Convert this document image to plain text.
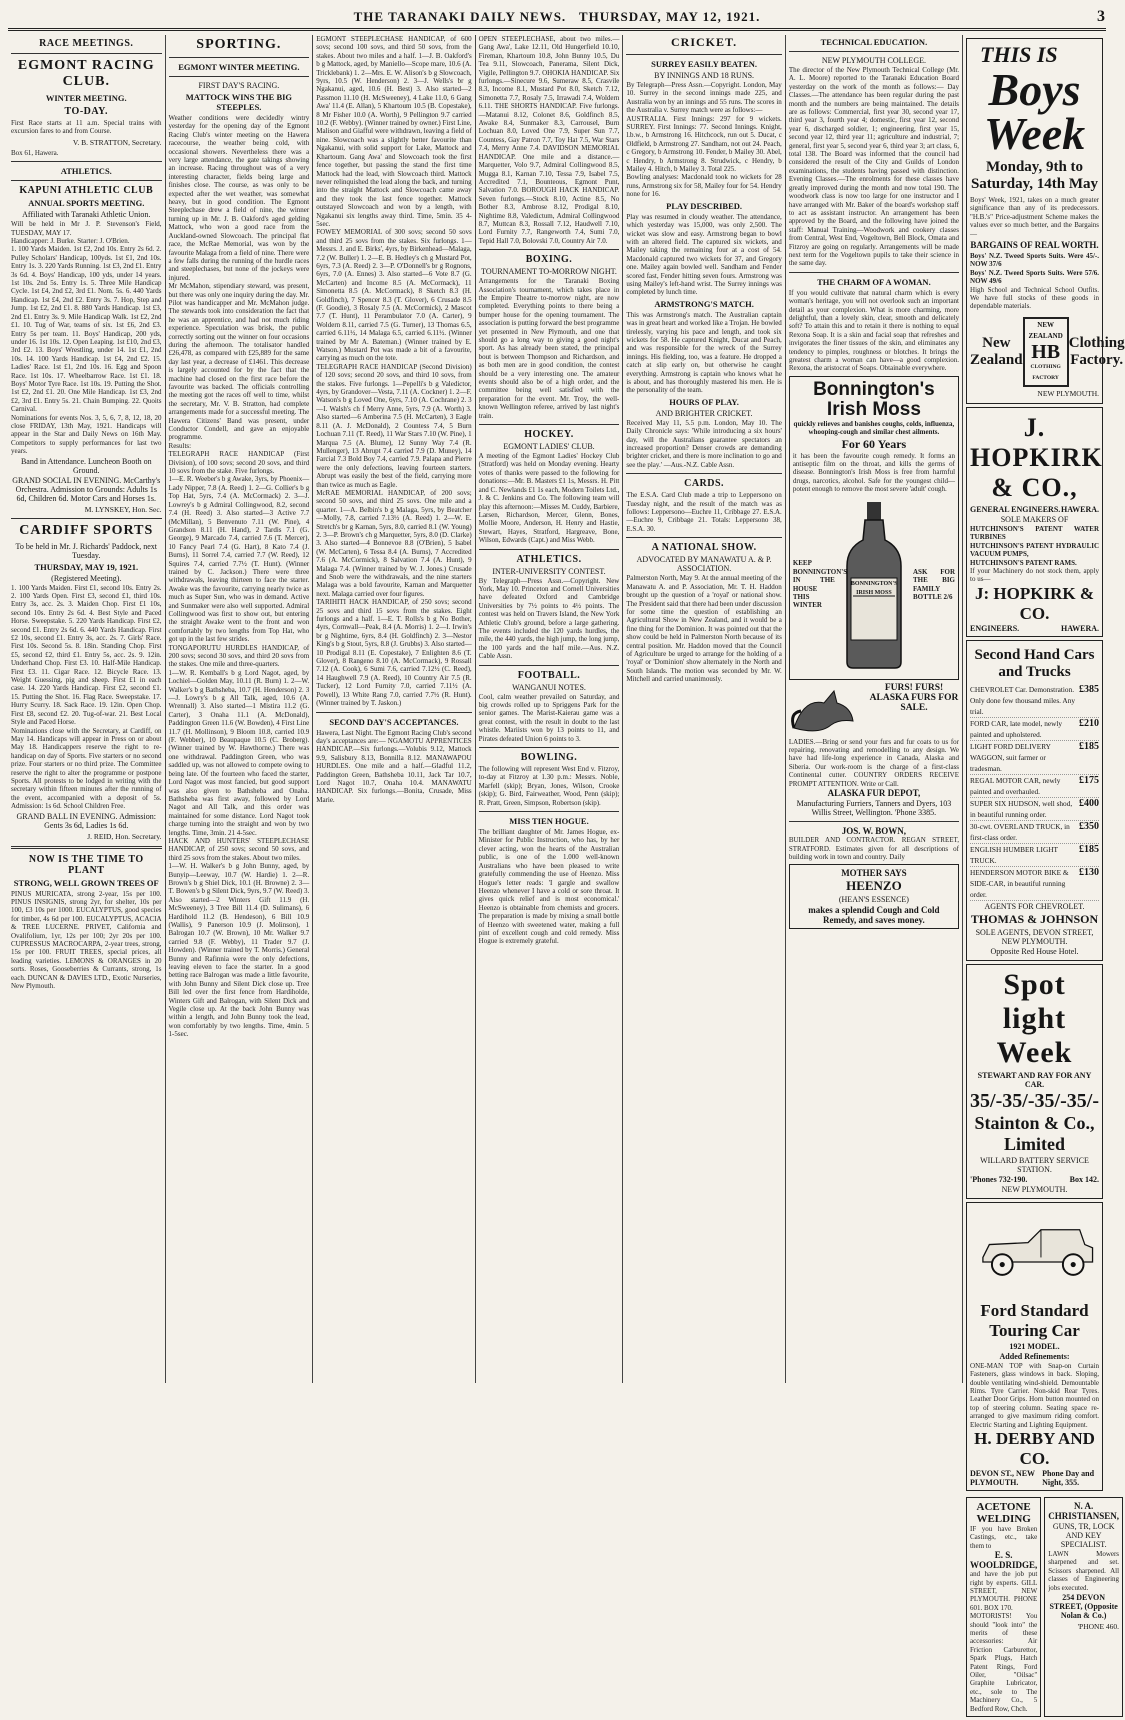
THE TARANAKI DAILY NEWS. THURSDAY, MAY 12, 1921.	3
RACE MEETINGS.
EGMONT RACING CLUB.
WINTER MEETING.
TO-DAY.

First Race starts at 11 a.m. Special trains with excursion fares to and from Course.

V. B. STRATTON, Secretary.

Box 61, Hawera.

ATHLETICS.
KAPUNI ATHLETIC CLUB
ANNUAL SPORTS MEETING.

Affiliated with Taranaki Athletic Union.

Will be held in Mr J. P. Stevenson's Field, TUESDAY, MAY 17.

Handicapper: J. Burke. Starter: J. O'Brien.

1. 100 Yards Maiden. 1st £2, 2nd 10s. Entry 2s 6d. 2. Pulley Scholars' Handicap, 100yds. 1st £1, 2nd 10s. Entry 1s. 3. 220 Yards Running. 1st £3, 2nd £1. Entry 3s 6d. 4. Boys' Handicap, 100 yds, under 14 years. 1st 10s. 2nd 5s. Entry 1s. 5. Three Mile Handicap Cycle. 1st £4, 2nd £2, 3rd £1. Nom. 5s. 6. 440 Yards Handicap. 1st £4, 2nd £2. Entry 3s. 7. Hop, Step and Jump. 1st £2, 2nd £1. 8. 880 Yards Handicap. 1st £3, 2nd £1. Entry 3s. 9. Mile Handicap Walk. 1st £2, 2nd £1. 10. Tug of War, teams of six. 1st £6, 2nd £3. Entry 5s per team. 11. Boys' Handicap, 200 yds, under 16. 1st 10s. 12. Open Leaping. 1st £10, 2nd £3, 3rd £2. 13. Boys' Wrestling, under 14. 1st £1, 2nd 10s. 14. 100 Yards Handicap. 1st £4, 2nd £2. 15. Ladies' Race. 1st £1, 2nd 10s. 16. Egg and Spoon Race. 1st 10s. 17. Wheelbarrow Race. 1st £1. 18. Boys' Motor Tyre Race. 1st 10s. 19. Putting the Shot. 1st £2, 2nd £1. 20. One Mile Handicap. 1st £3, 2nd £2, 3rd £1. Entry 5s. 21. Chain Bumping. 22. Quoits Carnival.

Nominations for events Nos. 3, 5, 6, 7, 8, 12, 18, 20 close FRIDAY, 13th May, 1921. Handicaps will appear in the Star and Daily News on 16th May. Competitors to supply performances for last two years.

Band in Attendance. Luncheon Booth on Ground.

GRAND SOCIAL IN EVENING. McCarthy's Orchestra. Admission to Grounds: Adults 1s 6d, Children 6d. Motor Cars and Horses 1s.

M. LYNSKEY, Hon. Sec.

CARDIFF SPORTS

To be held in Mr. J. Richards' Paddock, next Tuesday.

THURSDAY, MAY 19, 1921.

(Registered Meeting).

1. 100 Yards Maiden. First £1, second 10s. Entry 2s. 2. 100 Yards Open. First £3, second £1, third 10s. Entry 3s, acc. 2s. 3. Maiden Chop. First £1 10s, second 10s. Entry 2s 6d. 4. Best Style and Paced Horse. Sweepstake. 5. 220 Yards Handicap. First £2, second £1. Entry 2s 6d. 6. 440 Yards Handicap. First £2 10s, second £1. Entry 3s, acc. 2s. 7. Girls' Race. First 10s. Second 5s. 8. 18in. Standing Chop. First £5, second £2, third £1. Entry 5s, acc. 2s. 9. 12in. Underhand Chop. First £3. 10. Half-Mile Handicap. First £3. 11. Cigar Race. 12. Bicycle Race. 13. Weight Guessing, pig and sheep. First £1 in each case. 14. 220 Yards Handicap. First £2, second £1. 15. Putting the Shot. 16. Flag Race. Sweepstake. 17. Hurry Scurry. 18. Sack Race. 19. 12in. Open Chop. First £8, second £2. 20. Tug-of-war. 21. Best Local Style and Paced Horse.

Nominations close with the Secretary, at Cardiff, on May 14. Handicaps will appear in Press on or about May 18. Handicappers reserve the right to re-handicap on day of Sports. Five starters or no second prize. Four starters or no third prize. The Committee reserve the right to alter the programme or postpone Sports. All protests to be lodged in writing with the secretary within fifteen minutes after the running of the event, accompanied with a deposit of 5s. Admission: 1s 6d. School Children Free.

GRAND BALL IN EVENING. Admission: Gents 3s 6d, Ladies 1s 6d.

J. REID, Hon. Secretary.

NOW IS THE TIME TO PLANT
STRONG, WELL GROWN TREES OF

PINUS MURICATA, strong 2-year, 15s per 100. PINUS INSIGNIS, strong 2yr, for shelter, 10s per 100, £3 10s per 1000. EUCALYPTUS, good species for timber, 4s 6d per 100. EUCALYPTUS, ACACIA & TREE LUCERNE. PRIVET, California and Ovalifolium, 1yr, 12s per 100; 2yr 20s per 100. CUPRESSUS MACROCARPA, 2-year trees, strong, 15s per 100. FRUIT TREES, special prices, all leading varieties. LEMONS & ORANGES in 20 sorts. Roses, Gooseberries & Currants, strong, 1s each. DUNCAN & DAVIES LTD., Exotic Nurseries, New Plymouth.

SPORTING.
EGMONT WINTER MEETING.

FIRST DAY'S RACING.

MATTOCK WINS THE BIG STEEPLES.

Weather conditions were decidedly wintry yesterday for the opening day of the Egmont Racing Club's winter meeting on the Hawera racecourse, the weather being cold, with occasional showers. Nevertheless there was a very large attendance, the gate takings showing an increase. Racing throughout was of a very interesting character, fields being large and finishes close. The course, as was only to be expected after the wet weather, was somewhat heavy, but in good condition. The Egmont Steeplechase drew a field of nine, the winner turning up in Mr. J. B. Oakford's aged gelding Mattock, who won a good race from the Auckland-owned Slowcoach. The principal flat race, the McRae Memorial, was won by the favourite Malaga from a field of nine. There were a few falls during the running of the hurdle races and steeplechases, but none of the jockeys were injured.

Mr McMahon, stipendiary steward, was present, but there was only one inquiry during the day. Mr. Pilot was handicapper and Mr. McMahon judge. The stewards took into consideration the fact that he was an apprentice, and had not much riding experience. Speculation was brisk, the public correctly sorting out the winner on four occasions during the afternoon. The totalisator handled £26,478, as compared with £25,889 for the same day last year, a decrease of £1461. This decrease is largely accounted for by the fact that the machine had closed on the first race before the favourite was backed. The officials controlling the meeting got the races off well to time, whilst the secretary, Mr. V. B. Stratton, had complete arrangements made for a successful meeting. The Hawera Citizens' Band was present, under Conductor Condell, and gave an enjoyable programme.

Results:

TELEGRAPH RACE HANDICAP (First Division), of 100 sovs; second 20 sovs, and third 10 sovs from the stake. Five furlongs.

1—E. R. Weeber's b g Awake, 3yrs, by Phoenix—Lady Nipper, 7.8 (A. Reed) 1. 2—G. Collier's b g Top Hat, 5yrs, 7.4 (A. McCormack) 2. 3—J. Lowrey's b g Admiral Collingwood, 8.2, second 7.4 (H. Reed) 3. Also started—3 Active 7.7 (McMillan), 5 Benvenuto 7.11 (W. Pine), 4 Grandson 8.11 (H. Hand), 2 Tardis 7.1 (G. George), 9 Marcado 7.4, carried 7.6 (T. Mercer), 10 Fancy Pearl 7.4 (G. Hart), 8 Kato 7.4 (J. Burns), 11 Sorrel 7.4, carried 7.7 (W. Reed), 12 Squires 7.4, carried 7.7½ (T. Hunt). (Winner trained by C. Jackson.) There were three withdrawals, leaving thirteen to face the starter. Awake was the favourite, carrying nearly twice as much as Super Sun, who was in demand. Active and Sunmaker were also well supported. Admiral Collingwood was first to show out, but entering the straight Awake went to the front and won comfortably by two lengths from Top Hat, who got up in the last few strides.

TONGAPORUTU HURDLES HANDICAP, of 200 sovs; second 30 sovs, and third 20 sovs from the stakes. One mile and three-quarters.

1—W. R. Kemball's b g Lord Nagot, aged, by Lochiel—Golden May, 10.11 (R. Burn) 1. 2—W. Walker's b g Bathsheba, 10.7 (H. Henderson) 2. 3—J. Lowry's b g All Talk, aged, 10.6 (A. Wrennall) 3. Also started—1 Mistira 11.2 (G. Carter), 3 Onaha 11.1 (A. McDonald), Paddington Green 11.6 (W. Bowden), 4 First Line 11.7 (H. Mollinson), 9 Bloom 10.8, carried 10.9 (F. Webber), 10 Beaupaque 10.5 (C. Broberg). (Winner trained by W. Hawthorne.) There was one withdrawal. Paddington Green, who was saddled up, was not allowed to compete owing to being late. Of the fourteen who faced the starter, Lord Nagot was most fancied, but good support was also given to Bathsheba and Onaha. Bathsheba was first away, followed by Lord Nagot and All Talk, and this order was maintained for some distance. Lord Nagot took charge turning into the straight and won by two lengths. Time, 3min. 21 4-5sec.

HACK AND HUNTERS' STEEPLECHASE HANDICAP, of 250 sovs; second 50 sovs, and third 25 sovs from the stakes. About two miles.

1—W. H. Walker's b g John Bunny, aged, by Bunyip—Leeway, 10.7 (W. Hardie) 1. 2—R. Brown's b g Shiel Dick, 10.1 (H. Browne) 2. 3—T. Bowen's b g Silent Dick, 9yrs, 9.7 (W. Reed) 3. Also started—2 Winters Gift 11.9 (H. McSweeney), 3 Tree Bill 11.4 (D. Sulimans), 6 Hardihold 11.2 (B. Hendeson), 6 Bill 10.9 (Wallis), 9 Panerson 10.9 (J. Molinson), 1 Balrogan 10.7 (W. Brown), 10 Mr. Walker 9.7 carried 9.8 (F. Webby), 11 Trader 9.7 (J. Howden). (Winner trained by T. Morris.) General Bunny and Rafinnia were the only defections, leaving eleven to face the starter. In a good betting race Balrogan was made a little favourite, with John Bunny and Silent Dick close up. Tree Bill led over the first fence from Hardiholde, Winters Gift and Balrogan, with Silent Dick and Vegile close up. At the back John Bunny was within a length, and John Bunny took the lead, won comfortably by two lengths. Time, 4min. 5 1-5sec.

EGMONT STEEPLECHASE HANDICAP, of 600 sovs; second 100 sovs, and third 50 sovs, from the stakes. About two miles and a half. 1—J. B. Oakford's b g Mattock, aged, by Maniello—Scope mare, 10.6 (A. Tricklebank) 1. 2—Mrs. E. W. Alison's b g Slowcoach, 9yrs, 10.5 (W. Henderson) 2. 3—J. Wells's br g Ngakanui, aged, 10.6 (H. Best) 3. Also started—2 Passmon 11.10 (H. McSweeney), 4 Lake 11.0, 6 Gang Awa' 11.4 (E. Allan), 5 Khartoum 10.5 (B. Copestake), 8 Mr Fisher 10.0 (A. Worth), 9 Pellington 9.7 carried 10.2 (F. Webby). (Winner trained by owner.) First Line, Malison and Giafful were withdrawn, leaving a field of nine. Slowcoach was a slightly better favourite than Ngakanui, with solid support for Lake, Mattock and Khartoum. Gang Awa' and Slowcoach took the first fence together, but passing the stand the first time Mattock had the lead, with Slowcoach third. Mattock never relinquished the lead along the back, and turning into the straight Mattock and Slowcoach came away and they took the last fence together. Mattock outstayed Slowcoach and won by a length, with Ngakanui six lengths away third. Time, 5min. 35 4-5sec.

FOWEY MEMORIAL of 300 sovs; second 50 sovs and third 25 sovs from the stakes. Six furlongs. 1—Messrs. J. and E. Birks', 4yrs, by Birkenhead—Malaga, 7.2 (W. Buller) 1. 2—E. B. Hedley's ch g Mustard Pot, 6yrs, 7.3 (A. Reed) 2. 3—P. O'Donnell's br g Rognons, 6yrs, 7.0 (A. Ennes) 3. Also started—6 Vote 8.7 (G. McCarten) and Income 8.5 (A. McCormack), 11 Simonetta 8.5 (A. McCormack), 8 Sketch 8.3 (H. Goldfinch), 7 Spencer 8.3 (T. Glover), 6 Crusade 8.5 (F. Goodie), 3 Rosaly 7.5 (A. McCormick), 2 Mascot 7.7 (T. Hunt), 11 Perambulator 7.0 (A. Carter), 9 Woldern 8.11, carried 7.5 (G. Turner), 13 Thomas 6.5, carried 6.11½, 14 Malaga 6.5, carried 6.11½. (Winner trained by Mr A. Bateman.) (Winner trained by E. Watson.) Mustard Pot was made a bit of a favourite, carrying as much on the tote.

TELEGRAPH RACE HANDICAP (Second Division) of 120 sovs; second 20 sovs, and third 10 sovs, from the stakes. Five furlongs. 1—Pepelli's b g Valedictor, 4yrs, by Grandover—Vesta, 7.11 (A. Cockner) 1. 2—F. Watson's b g Loved One, 6yrs, 7.10 (A. Cochrane) 2. 3—I. Walsh's ch f Merry Anne, 5yrs, 7.9 (A. Worth) 3. Also started—6 Amberina 7.5 (H. McCarten), 3 Eagle 8.11 (A. J. McDonald), 2 Countess 7.4, 5 Burn Lochuan 7.11 (T. Reed), 11 War Stars 7.10 (W. Pine), 1 Marqua 7.5 (A. Blume), 12 Sunny Way 7.4 (R. Mullenger), 13 Abrupt 7.4 carried 7.9 (D. Muney), 14 Farcial 7.3 Bold Boy 7.4, carried 7.9. Palapa and Pierre were the only defections, leaving fourteen starters. Abrupt was easily the best of the field, carrying more than twice as much as Eagle.

McRAE MEMORIAL HANDICAP, of 200 sovs; second 50 sovs, and third 25 sovs. One mile and a quarter. 1—A. Belbin's b g Malaga, 5yrs, by Beatcher—Molly, 7.8, carried 7.13½ (A. Reed) 1. 2—W. E. Stretch's br g Karnan, 5yrs, 8.0, carried 8.1 (W. Young) 2. 3—P. Brown's ch g Marquetter, 5yrs, 8.0 (D. Clarke) 3. Also started—4 Bonnevoe 8.8 (O'Brien), 5 Isabel (W. McCarten), 6 Tessa 8.4 (A. Burns), 7 Accredited 7.6 (A. McCormick), 8 Salvation 7.4 (A. Hunt), 9 Malaga 7.4. (Winner trained by W. J. Jones.) Crusade and Snob were the withdrawals, and the nine starters Malaga was a bold favourite, Karnan and Marquetter next. Malaga carried over four figures.

TARIHITI HACK HANDICAP, of 250 sovs; second 25 sovs and third 15 sovs from the stakes. Eight furlongs and a half. 1—E. T. Rolls's b g No Bother, 4yrs, Cornwall—Peak, 8.4 (A. Morris) 1. 2—I. Irwin's br g Nightime, 6yrs, 8.4 (H. Goldfinch) 2. 3—Nestor King's b g Stout, 5yrs, 8.8 (J. Grubbs) 3. Also started—10 Prodigal 8.11 (E. Copestake), 7 Enlighten 8.6 (T. Glover), 8 Rangeno 8.10 (A. McCormack), 9 Rossall 7.12 (A. Cook), 6 Sumi 7.6, carried 7.12½ (C. Reed), 14 Haughwell 7.9 (A. Reed), 10 Country Air 7.5 (R. Tucker), 12 Lord Furnity 7.0, carried 7.11½ (A. Powell), 13 White Rang 7.0, carried 7.7½ (R. Hunt). (Winner trained by T. Jaskon.)

SECOND DAY'S ACCEPTANCES.

Hawera, Last Night. The Egmont Racing Club's second day's acceptances are:— NGAMOTU APPRENTICES HANDICAP.—Six furlongs.—Volubis 9.12, Mattock 9.9, Salisbury 8.13, Bonnilla 8.12. MANAWAPOU HURDLES. One mile and a half.—Gladful 11.2, Paddington Green, Bathsheba 10.11, Jack Tar 10.7, Lord Nagot 10.7, Onaha 10.4. MANAWATU HANDICAP. Six furlongs.—Bonita, Crusade, Miss Marie.

OPEN STEEPLECHASE, about two miles.—Gang Awa', Lake 12.11, Old Hungerfield 10.10, Fireman, Khartoum 10.8, John Bunny 10.5, Du Tea 9.11, Slowcoach, Panerama, Silent Dick, Vigile, Pellington 9.7. OHOKIA HANDICAP. Six furlongs.—Sinecure 9.6, Sumeraw 8.5, Crasvile 8.3, Income 8.1, Mustard Pot 8.0, Sketch 7.12, Simonetta 7.7, Rosaly 7.5, Irrawadi 7.4, Woldern 6.11. THE SHORTS HANDICAP. Five furlongs.—Matanui 8.12, Colonet 8.6, Goldfinch 8.5, Awake 8.4, Sunmaker 8.3, Carrousel, Burn Lochuan 8.0, Loved One 7.9, Super Sun 7.7, Countess, Gay Patron 7.7, Toy Hat 7.5, War Stars 7.4, Merry Anne 7.4. DAVIDSON MEMORIAL HANDICAP. One mile and a distance.—Marquetter, Volo 9.7, Admiral Collingwood 8.5, Mugga 8.1, Karnan 7.10, Tessa 7.9, Isabel 7.5, Accredited 7.1, Bounteous, Egmont Punt, Salvation 7.0. BOROUGH HACK HANDICAP. Seven furlongs.—Stock 8.10, Actine 8.5, No Bother 8.3, Ambrose 8.12, Prodigal 8.10, Nightime 8.8, Valedictum, Admiral Collingwood 8.7, Muttcan 8.3, Rossall 7.12, Haudwell 7.10, Lord Furnity 7.7, Rangeworth 7.4, Sumi 7.0, Tepid Hall 7.0, Bolovski 7.0, Country Air 7.0.

BOXING.

TOURNAMENT TO-MORROW NIGHT.

Arrangements for the Taranaki Boxing Association's tournament, which takes place in the Empire Theatre to-morrow night, are now completed. Everything points to there being a bumper house for the opening tournament. The association is putting forward the best programme yet presented in New Plymouth, and one that should go a long way to giving a good night's sport. As has already been stated, the principal bout is between Thompson and Richardson, and as both men are in good condition, the contest should be a very interesting one. The amateur events should also be of a high order, and the committee being well satisfied with the preparation for the event. Mr. Troy, the well-known Wellington referee, arrived by last night's train.

HOCKEY.

EGMONT LADIES' CLUB.

A meeting of the Egmont Ladies' Hockey Club (Stratford) was held on Monday evening. Hearty votes of thanks were passed to the following for donations:—Mr. B. Masters £1 1s, Messrs. H. Pitt and C. Newlands £1 1s each, Modern Toilets Ltd., J. & C. Jenkins and Co. The following team will play this afternoon:—Misses M. Cuddy, Barbiere, Larsen, Richardson, Mercer, Glenn, Bones, Mollie Moore, Anderson, H. Henry and Hastie, Stewart, Hayes, Stratford, Hargreave, Bone, Wilson, Edwards (Capt.) and Miss Webb.

ATHLETICS.

INTER-UNIVERSITY CONTEST.

By Telegraph—Press Assn.—Copyright. New York, May 10. Princeton and Cornell Universities have defeated Oxford and Cambridge Universities by 7½ points to 4½ points. The contest was held on Travers Island, the New York Athletic Club's ground, before a large gathering. The events included the 120 yards hurdles, the mile, the 440 yards, the high jump, the long jump, the 100 yards and the half mile.—Aus. N.Z. Cable Assn.

FOOTBALL.

WANGANUI NOTES.

Cool, calm weather prevailed on Saturday, and big crowds rolled up to Spriggens Park for the senior games. The Marist-Kaierau game was a great contest, with the result in doubt to the last whistle. Mariists won by 13 points to 11, and Pirates defeated Union 6 points to 3.

BOWLING.

The following will represent West End v. Fitzroy, to-day at Fitzroy at 1.30 p.m.: Messrs. Noble, Marfell (skip); Bryan, Jones, Wilson, Crooke (skip); G. Bird, Fairweather, Wood, Penn (skip); R. Pratt, Green, Simpson, Robertson (skip).

MISS TIEN HOGUE.

The brilliant daughter of Mr. James Hogue, ex-Minister for Public Instruction, who has, by her clever acting, won the hearts of the Australian public, is one of the 1.000 well-known Australians who have been pleased to write gratefully commending the use of Heenzo. Miss Hogue's letter reads: 'I gargle and swallow Heenzo whenever I have a cold or sore throat. It gives quick relief and is most economical.' Heenzo is obtainable from chemists and grocers. The preparation is made by mixing a small bottle of Heenzo with sweetened water, making a full pint of excellent cough and cold remedy. Miss Hogue is extremely grateful.

CRICKET.
SURREY EASILY BEATEN.

BY INNINGS AND 18 RUNS.

By Telegraph—Press Assn.—Copyright. London, May 10. Surrey in the second innings made 225, and Australia won by an innings and 55 runs. The scores in the Australia v. Surrey match were as follows:—

AUSTRALIA. First Innings: 297 for 9 wickets. SURREY. First Innings: 77. Second Innings. Knight, l.b.w., b Armstrong 16. Hitchcock, run out 5. Ducat, c Oldfield, b Armstrong 27. Sandham, not out 24. Peach, c Gregory, b Armstrong 10. Fender, b Mailey 30. Abel, c Hendry, b Armstrong 8. Strudwick, c Hendry, b Mailey 4. Hitch, b Mailey 3. Total 225.

Bowling analyses: Macdonald took no wickets for 28 runs, Armstrong six for 58, Mailey four for 54. Hendry none for 16.

PLAY DESCRIBED.

Play was resumed in cloudy weather. The attendance, which yesterday was 15,000, was only 2,500. The wicket was slow and easy. Armstrong began to bowl with an altered field. The captured six wickets, and Mailey taking the remaining four at a cost of 54. Macdonald captured two wickets for 37, and Gregory one. Mailey again bowled well. Sandham and Fender scored fast, Fender hitting seven fours. Armstrong was using Mailey's left-hand wrist. The Surrey innings was completed by lunch time.

ARMSTRONG'S MATCH.

This was Armstrong's match. The Australian captain was in great heart and worked like a Trojan. He bowled tirelessly, varying his pace and length, and took six wickets for 58. He captured Knight, Ducat and Peach, and was responsible for the wreck of the Surrey innings. His fielding, too, was a feature. He dropped a catch at slip early on, but otherwise he caught everything. Armstrong is captain who knows what he is about, and has thoroughly mastered his men. He is the personality of the team.

HOURS OF PLAY.

AND BRIGHTER CRICKET.

Received May 11, 5.5 p.m. London, May 10. The Daily Chronicle says: 'While introducing a six hours' day, will the Australians guarantee spectators an increased proportion? Denser crowds are demanding brighter cricket, and there is more inclination to go and see the play.' —Aus.-N.Z. Cable Assn.

CARDS.

The E.S.A. Card Club made a trip to Leppersono on Tuesday night, and the result of the match was as follows: Leppersono—Euchre 11, Cribbage 27. E.S.A.—Euchre 9, Cribbage 21. Totals: Leppersono 38, E.S.A. 30.

A NATIONAL SHOW.

ADVOCATED BY MANAWATU A. & P. ASSOCIATION.

Palmerston North, May 9. At the annual meeting of the Manawatu A. and P. Association, Mr. T. H. Haddon brought up the question of a 'royal' or national show. The President said that there had been under discussion for some time the question of establishing an Agricultural Show in New Zealand, and it would be a fine thing for the Dominion. It was pointed out that the show could be held in Palmerston North because of its central position. Mr. Haddon moved that the Council of Agriculture be urged to arrange for the holding of a 'royal' or 'Dominion' show alternately in the North and South Islands. The motion was seconded by Mr. W. Mitchell and carried unanimously.

TECHNICAL EDUCATION.

NEW PLYMOUTH COLLEGE.

The director of the New Plymouth Technical College (Mr. A. L. Moore) reported to the Taranaki Education Board yesterday on the work of the month as follows:— Day Classes.—The attendance has been regular during the past month and the numbers are being maintained. The details are as follows: Commercial, first year 30, second year 17, third year 3, fourth year 4; domestic, first year 12, second year 6, discharged soldier, 1; engineering, first year 15, second year 12, third year 11; agriculture and industrial, 7; general, first year 5, second year 6, third year 3; art class, 6, total 138. The Board was informed that the council had considered the result of the City and Guilds of London examinations, the students having passed with distinction. Evening Classes.—The enrolments for these classes have greatly improved during the month and now total 190. The woodwork class is now too large for one instructor and I have arranged with Mr. Baker of the board's workshop staff to act as assistant instructor. An arrangement has been approved by the Board, and the following have joined the staff: Manual Training—Woodwork and cookery classes from Central, West End, Vogeltown, Bell Block, Omata and Fitzroy are going on regularly. Arrangements will be made next term for the Vogeltown pupils to take their science in the same day.

THE CHARM OF A WOMAN.

If you would cultivate that natural charm which is every woman's heritage, you will not overlook such an important detail as your complexion. What is more charming, more delightful, than a lovely skin, clear, smooth and delicately soft? To attain this and to retain it there is nothing to equal Rexona Soap. It is a skin and facial soap that refreshes and invigorates the finer tissues of the skin, and eliminates any tendency to pimples, roughness or blotches. It brings the greatest charm a woman can have—a good complexion. Rexona, the aristocrat of Soaps. Obtainable everywhere.

Bonnington's
Irish Moss

quickly relieves and banishes coughs, colds, influenza, whooping-cough and similar chest ailments.

For 60 Years

it has been the favourite cough remedy. It forms an antiseptic film on the throat, and kills the germs of disease. Bonnington's Irish Moss is free from harmful drugs, narcotics, alcohol. Safe for the youngest child—potent enough to remove the most severe 'adult' cough.

KEEP BONNINGTON'S IN THE HOUSE THIS WINTER

BONNINGTON'S IRISH MOSS

ASK FOR THE BIG FAMILY BOTTLE 2/6

FURS! FURS! ALASKA FURS FOR SALE.

LADIES.—Bring or send your furs and fur coats to us for repairing, renovating and remodelling to any design. We have had life-long experience in Canada, Alaska and Siberia. Our work-room is the charge of a first-class Continental cutter. COUNTRY ORDERS RECEIVE PROMPT ATTENTION. Write or Call.

ALASKA FUR DEPOT,

Manufacturing Furriers, Tanners and Dyers, 103 Willis Street, Wellington. 'Phone 3385.

JOS. W. BOWN,

BUILDER AND CONTRACTOR. REGAN STREET, STRATFORD. Estimates given for all descriptions of building work in town and country. Daily

MOTHER SAYS
HEENZO
(HEAN'S ESSENCE)
makes a splendid Cough and Cold Remedy, and saves money.
THIS IS
Boys
Week
Monday, 9th to Saturday, 14th May

Boys' Week, 1921, takes on a much greater significance than any of its predecessors. "H.B.'s" Price-adjustment Scheme makes the values ever so much better, and the Bargains—

BARGAINS OF REAL WORTH.

Boys' N.Z. Tweed Sports Suits. Were 45/-. NOW 37/6

Boys' N.Z. Tweed Sports Suits. Were 57/6. NOW 49/6

High School and Technical School Outfits. We have full stocks of these goods in dependable materials.

New
Zealand
NEW ZEALAND
HB
CLOTHING FACTORY
Clothing
Factory.
NEW PLYMOUTH.
J. HOPKIRK & CO.,
GENERAL ENGINEERS. HAWERA.

SOLE MAKERS OF

HUTCHINSON'S PATENT WATER TURBINES

HUTCHINSON'S PATENT HYDRAULIC VACUUM PUMPS,

HUTCHINSON'S PATENT RAMS.

If your Machinery do not stock them, apply to us—

J: HOPKIRK & CO.
ENGINEERS.	HAWERA.
Second Hand Cars and Trucks
CHEVROLET Car. Demonstration. Only done few thousand miles. Any trial.
£385
FORD CAR, late model, newly painted and upholstered.
£210
LIGHT FORD DELIVERY WAGGON, suit farmer or tradesman.
£185
REGAL MOTOR CAR, newly painted and overhauled.
£175
SUPER SIX HUDSON, well shod, in beautiful running order.
£400
30-cwt. OVERLAND TRUCK, in first-class order.
£350
ENGLISH HUMBER LIGHT TRUCK.
£185
HENDERSON MOTOR BIKE & SIDE-CAR, in beautiful running order.
£130

AGENTS FOR CHEVROLET.

THOMAS & JOHNSON

SOLE AGENTS, DEVON STREET, NEW PLYMOUTH.

Opposite Red House Hotel.

Spot light Week

STEWART AND RAY FOR ANY CAR.

35/- 35/- 35/- 35/-
Stainton & Co., Limited

WILLARD BATTERY SERVICE STATION.

'Phones 732-190.	Box 142.

NEW PLYMOUTH.

Ford Standard Touring Car

1921 MODEL.

Added Refinements:

ONE-MAN TOP with Snap-on Curtain Fasteners, glass windows in back. Sloping, double ventilating wind-shield. Demountable Rims. Tyre Carrier. Non-skid Rear Tyres. Leather Door Grips. Horn button mounted on top of steering column. Seating space re-arranged to give maximum riding comfort. Electric Starting and Lighting Equipment.

H. DERBY AND CO.
DEVON ST., NEW PLYMOUTH.
Phone Day and Night, 355.
ACETONE WELDING

IF you have Broken Castings, etc., take them to

E. S. WOOLDRIDGE,

and have the job put right by experts. GILL STREET, NEW PLYMOUTH. PHONE 601. BOX 170.

MOTORISTS! You should "look into" the merits of these accessories: Air Friction Carburettor, Spark Plugs, Hatch Patent Rings, Ford Oiler, "Oilsac" Graphite Lubricator, etc., sole to The Machinery Co., 5 Bedford Row, Chch.

N. A. CHRISTIANSEN,

GUNS, TR, LOCK AND KEY SPECIALIST.

LAWN Mowers sharpened and set. Scissors sharpened. All classes of Engineering jobs executed.

254 DEVON STREET, (Opposite Nolan & Co.)

'PHONE 460.
